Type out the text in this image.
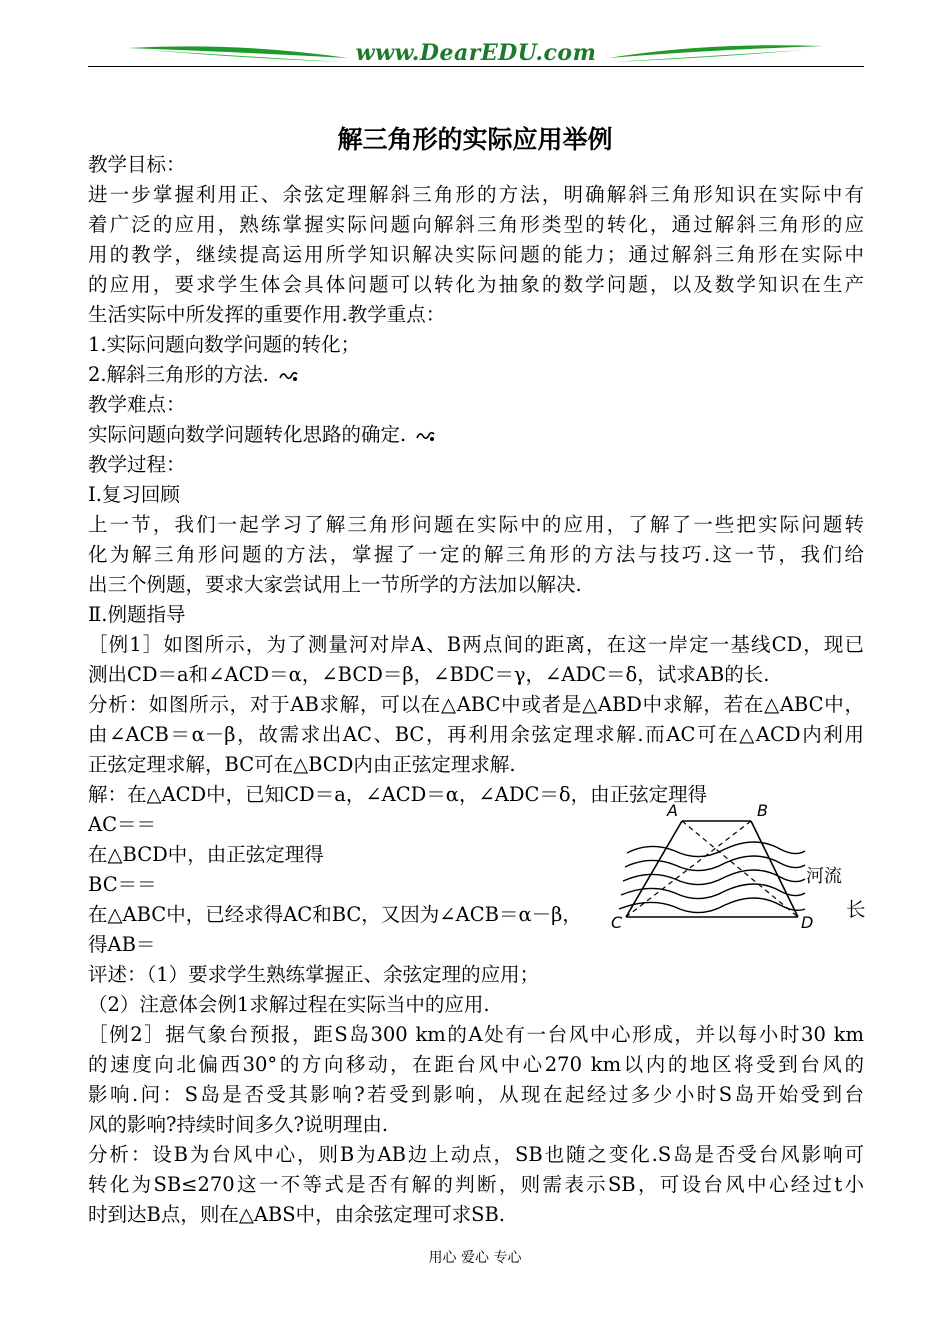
www.DearEDU.com
解三角形的实际应用举例
教学目标：
进一步掌握利用正、余弦定理解斜三角形的方法，明确解斜三角形知识在实际中有
着广泛的应用，熟练掌握实际问题向解斜三角形类型的转化，通过解斜三角形的应
用的教学，继续提高运用所学知识解决实际问题的能力；通过解斜三角形在实际中
的应用，要求学生体会具体问题可以转化为抽象的数学问题，以及数学知识在生产
生活实际中所发挥的重要作用.教学重点：
1.实际问题向数学问题的转化；
2.解斜三角形的方法.
教学难点：
实际问题向数学问题转化思路的确定.
教学过程：
Ⅰ.复习回顾
上一节，我们一起学习了解三角形问题在实际中的应用，了解了一些把实际问题转
化为解三角形问题的方法，掌握了一定的解三角形的方法与技巧.这一节，我们给
出三个例题，要求大家尝试用上一节所学的方法加以解决.
Ⅱ.例题指导
［例1］如图所示，为了测量河对岸A、B两点间的距离，在这一岸定一基线CD，现已
测出CD＝a和∠ACD＝α，∠BCD＝β，∠BDC＝γ，∠ADC＝δ，试求AB的长.
分析：如图所示，对于AB求解，可以在△ABC中或者是△ABD中求解，若在△ABC中，
由∠ACB＝α－β，故需求出AC、BC，再利用余弦定理求解.而AC可在△ACD内利用
正弦定理求解，BC可在△BCD内由正弦定理求解.
解：在△ACD中，已知CD＝a，∠ACD＝α，∠ADC＝δ，由正弦定理得
AC＝＝
在△BCD中，由正弦定理得
BC＝＝
在△ABC中，已经求得AC和BC，又因为∠ACB＝α－β，
得AB＝
评述：（1）要求学生熟练掌握正、余弦定理的应用；
（2）注意体会例1求解过程在实际当中的应用.
［例2］据气象台预报，距S岛300 km的A处有一台风中心形成，并以每小时30 km
的速度向北偏西30°的方向移动，在距台风中心270 km以内的地区将受到台风的
影响.问：S岛是否受其影响?若受到影响，从现在起经过多少小时S岛开始受到台
风的影响?持续时间多久?说明理由.
分析：设B为台风中心，则B为AB边上动点，SB也随之变化.S岛是否受台风影响可
转化为SB≤270这一不等式是否有解的判断，则需表示SB，可设台风中心经过t小
时到达B点，则在△ABS中，由余弦定理可求SB.
长
A	B
C	D
河流
用心 爱心 专心
